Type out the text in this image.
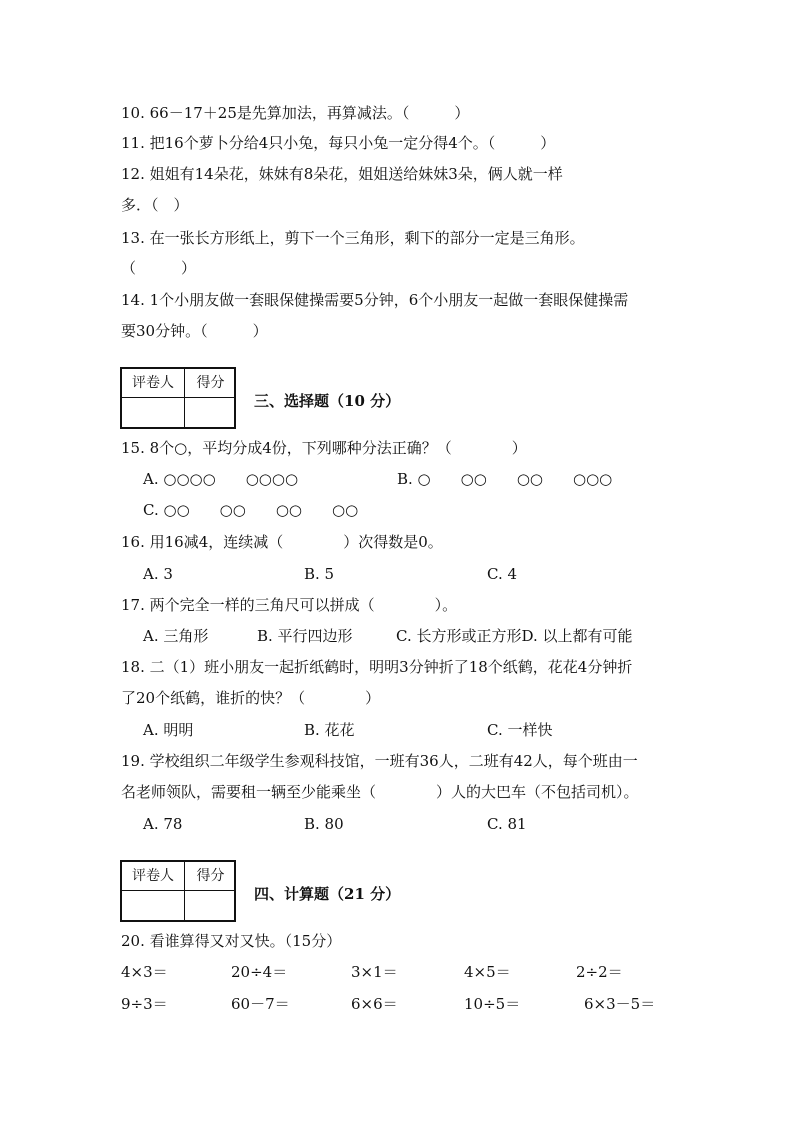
10. 66－17＋25是先算加法，再算减法。（　　　）
11. 把16个萝卜分给4只小兔，每只小兔一定分得4个。（　　　）
12. 姐姐有14朵花，妹妹有8朵花，姐姐送给妹妹3朵，俩人就一样
多．（　）
13. 在一张长方形纸上，剪下一个三角形，剩下的部分一定是三角形。
（　　　）
14. 1个小朋友做一套眼保健操需要5分钟，6个小朋友一起做一套眼保健操需
要30分钟。（　　　）
评卷人	得分
三、选择题（10 分）
15. 8个○，平均分成4份，下列哪种分法正确？（　　　　）
A. ○○○○　　○○○○	B. ○　　○○　　○○　　○○○
C. ○○　　○○　　○○　　○○
16. 用16减4，连续减（　　　　）次得数是0。
A. 3	B. 5	C. 4
17. 两个完全一样的三角尺可以拼成（　　　　）。
A. 三角形	B. 平行四边形	C. 长方形或正方形D. 以上都有可能
18. 二（1）班小朋友一起折纸鹤时，明明3分钟折了18个纸鹤，花花4分钟折
了20个纸鹤，谁折的快？（　　　　）
A. 明明	B. 花花	C. 一样快
19. 学校组织二年级学生参观科技馆，一班有36人，二班有42人，每个班由一
名老师领队，需要租一辆至少能乘坐（　　　　）人的大巴车（不包括司机）。
A. 78	B. 80	C. 81
评卷人	得分
四、计算题（21 分）
20. 看谁算得又对又快。（15分）
4×3＝	20÷4＝	3×1＝	4×5＝	2÷2＝
9÷3＝	60－7＝	6×6＝	10÷5＝	6×3－5＝
